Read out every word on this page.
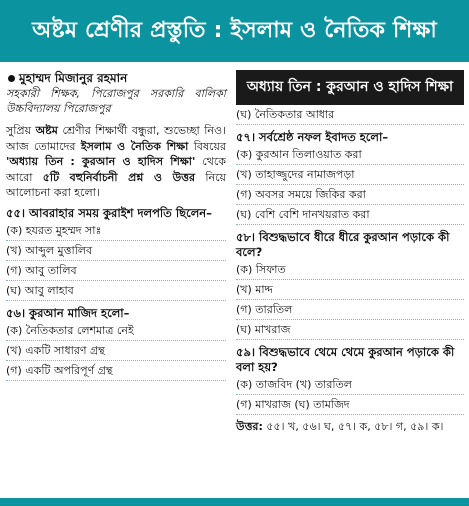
অষ্টম শ্রেণীর প্রস্তুতি : ইসলাম ও নৈতিক শিক্ষা
মুহাম্মদ মিজানুর রহমান
সহকারী শিক্ষক, পিরোজপুর সরকারি বালিকা উচ্চবিদ্যালয় পিরোজপুর
সুপ্রিয় অষ্টম শ্রেণীর শিক্ষার্থী বন্ধুরা, শুভেচ্ছা নিও। আজ তোমাদের ইসলাম ও নৈতিক শিক্ষা বিষয়ের 'অধ্যায় তিন : কুরআন ও হাদিস শিক্ষা' থেকে আরো ৫টি বহুনির্বাচনী প্রশ্ন ও উত্তর নিয়ে আলোচনা করা হলো।
৫৫। আবরাহার সময় কুরাইশ দলপতি ছিলেন–
(ক) হযরত মুহম্মদ সাঃ
(খ) আব্দুল মুত্তালিব
(গ) আবু তালিব
(ঘ) আবু লাহাব
৫৬। কুরআন মাজিদ হলো–
(ক) নৈতিকতার লেশমাত্র নেই
(খ) একটি সাধারণ গ্রন্থ
(গ) একটি অপরিপূর্ণ গ্রন্থ
অধ্যায় তিন : কুরআন ও হাদিস শিক্ষা
(ঘ) নৈতিকতার আধার
৫৭। সর্বশ্রেষ্ঠ নফল ইবাদত হলো–
(ক) কুরআন তিলাওয়াত করা
(খ) তাহাজ্জুদের নামাজপড়া
(গ) অবসর সময়ে জিকির করা
(ঘ) বেশি বেশি দানখয়রাত করা
৫৮। বিশুদ্ধভাবে ধীরে ধীরে কুরআন পড়াকে কী বলে?
(ক) সিফাত
(খ) মাদ্দ
(গ) তারতিল
(ঘ) মাখরাজ
৫৯। বিশুদ্ধভাবে থেমে থেমে কুরআন পড়াকে কী বলা হয়?
(ক) তাজবিদ (খ) তারতিল
(গ) মাখরাজ (ঘ) তামজিদ
উত্তর: ৫৫। খ, ৫৬। ঘ, ৫৭। ক, ৫৮। গ, ৫৯। ক।
